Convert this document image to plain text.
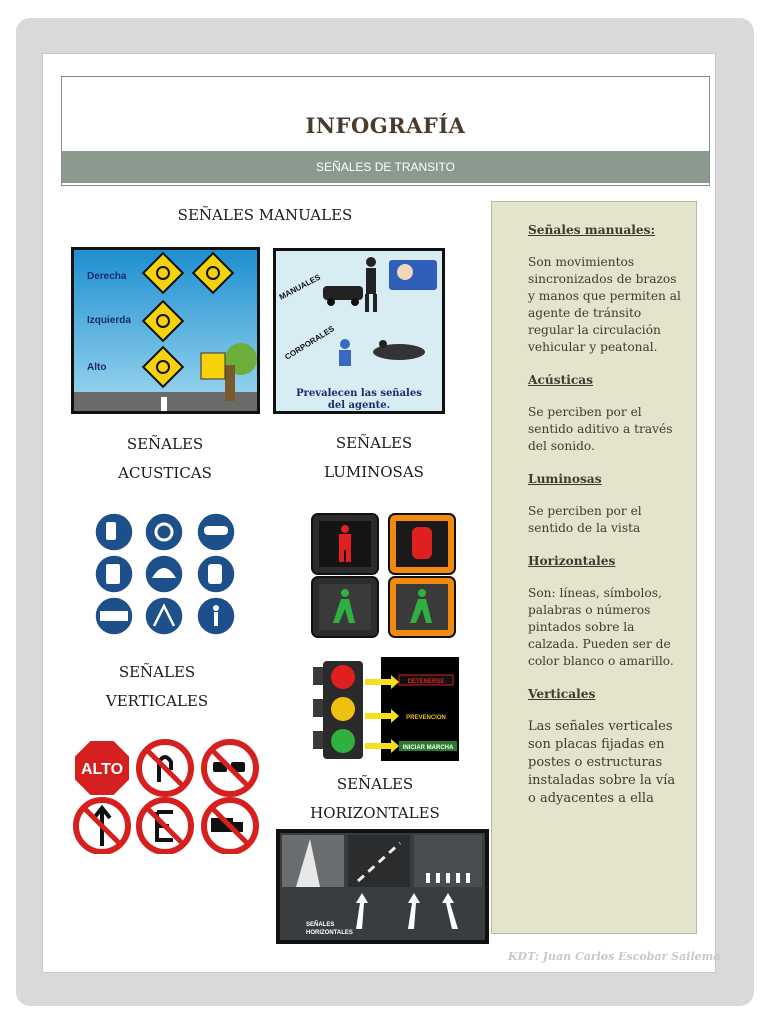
INFOGRAFÍA
SEÑALES DE TRANSITO
SEÑALES MANUALES
SEÑALES
ACUSTICAS
SEÑALES
LUMINOSAS
SEÑALES
VERTICALES
SEÑALES
HORIZONTALES
Derecha
Izquierda
Alto
MANUALES
CORPORALES
Prevalecen las señales
del agente.
DETENERSE
PREVENCION
INICIAR MARCHA
ALTO
SEÑALES
HORIZONTALES
Señales manuales:
Son movimientos sincronizados de brazos y manos que permiten al agente de tránsito regular la circulación vehicular y peatonal.
Acústicas
Se perciben por el sentido aditivo a través del sonido.
Luminosas
Se perciben por el sentido de la vista
Horizontales
Son: líneas, símbolos, palabras o números pintados sobre la calzada. Pueden ser de color blanco o amarillo.
Verticales
Las señales verticales son placas fijadas en postes o estructuras instaladas sobre la vía o adyacentes a ella
KDT: Juan Carlos Escobar Sailema
